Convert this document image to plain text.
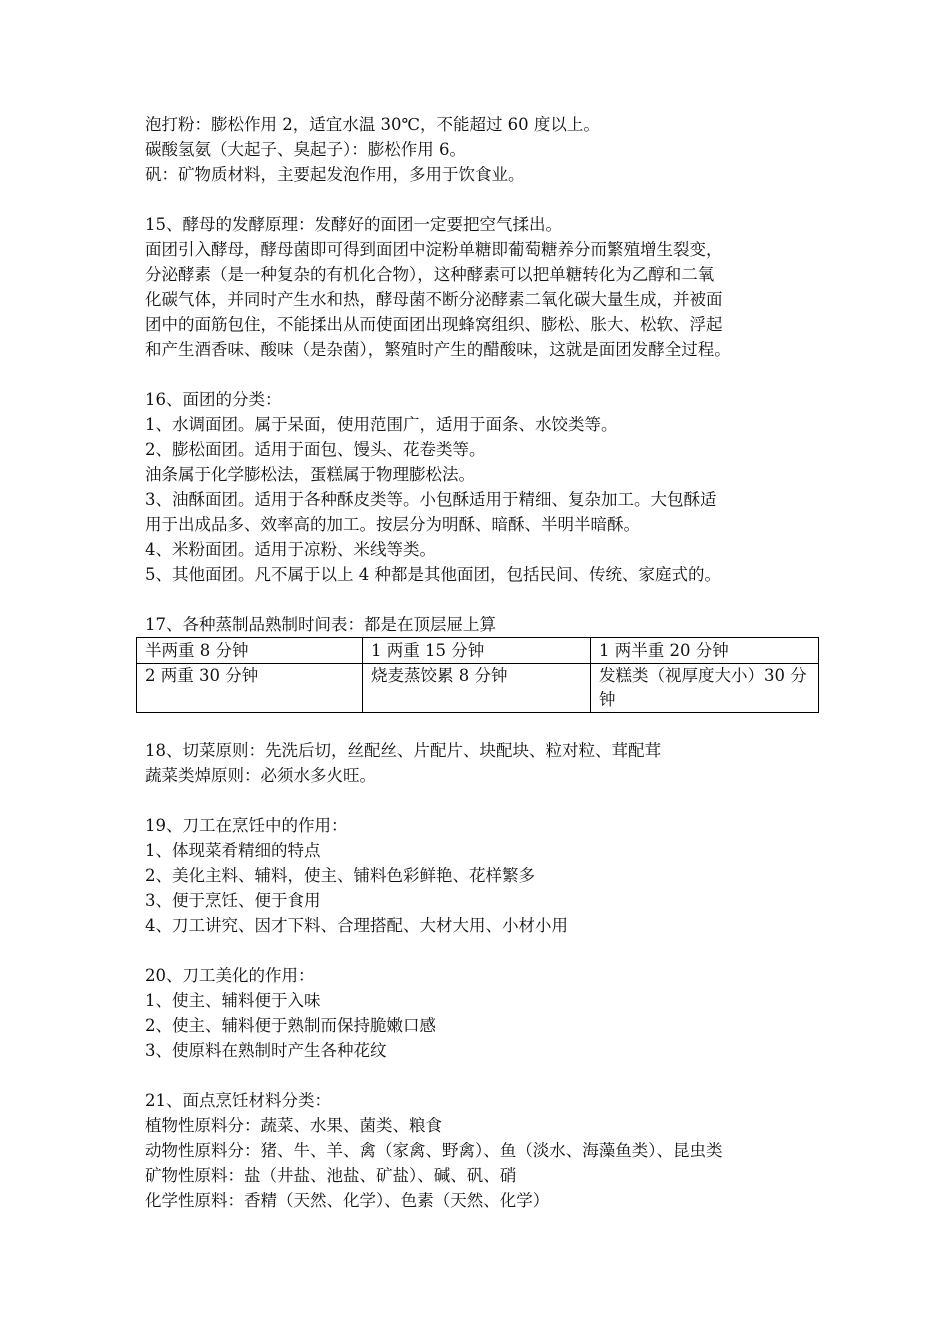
泡打粉：膨松作用 2，适宜水温 30℃，不能超过 60 度以上。
碳酸氢氨（大起子、臭起子）：膨松作用 6。
矾：矿物质材料，主要起发泡作用，多用于饮食业。
15、酵母的发酵原理：发酵好的面团一定要把空气揉出。
面团引入酵母，酵母菌即可得到面团中淀粉单糖即葡萄糖养分而繁殖增生裂变，
分泌酵素（是一种复杂的有机化合物），这种酵素可以把单糖转化为乙醇和二氧
化碳气体，并同时产生水和热，酵母菌不断分泌酵素二氧化碳大量生成，并被面
团中的面筋包住，不能揉出从而使面团出现蜂窝组织、膨松、胀大、松软、浮起
和产生酒香味、酸味（是杂菌），繁殖时产生的醋酸味，这就是面团发酵全过程。
16、面团的分类：
1、水调面团。属于呆面，使用范围广，适用于面条、水饺类等。
2、膨松面团。适用于面包、馒头、花卷类等。
油条属于化学膨松法，蛋糕属于物理膨松法。
3、油酥面团。适用于各种酥皮类等。小包酥适用于精细、复杂加工。大包酥适
用于出成品多、效率高的加工。按层分为明酥、暗酥、半明半暗酥。
4、米粉面团。适用于凉粉、米线等类。
5、其他面团。凡不属于以上 4 种都是其他面团，包括民间、传统、家庭式的。
17、各种蒸制品熟制时间表：都是在顶层屉上算
半两重 8 分钟	1 两重 15 分钟	1 两半重 20 分钟
2 两重 30 分钟	烧麦蒸饺累 8 分钟	发糕类（视厚度大小）30 分钟
18、切菜原则：先洗后切，丝配丝、片配片、块配块、粒对粒、茸配茸
蔬菜类焯原则：必须水多火旺。
19、刀工在烹饪中的作用：
1、体现菜肴精细的特点
2、美化主料、辅料，使主、铺料色彩鲜艳、花样繁多
3、便于烹饪、便于食用
4、刀工讲究、因才下料、合理搭配、大材大用、小材小用
20、刀工美化的作用：
1、使主、辅料便于入味
2、使主、辅料便于熟制而保持脆嫩口感
3、使原料在熟制时产生各种花纹
21、面点烹饪材料分类：
植物性原料分：蔬菜、水果、菌类、粮食
动物性原料分：猪、牛、羊、禽（家禽、野禽）、鱼（淡水、海藻鱼类）、昆虫类
矿物性原料：盐（井盐、池盐、矿盐）、碱、矾、硝
化学性原料：香精（天然、化学）、色素（天然、化学）
